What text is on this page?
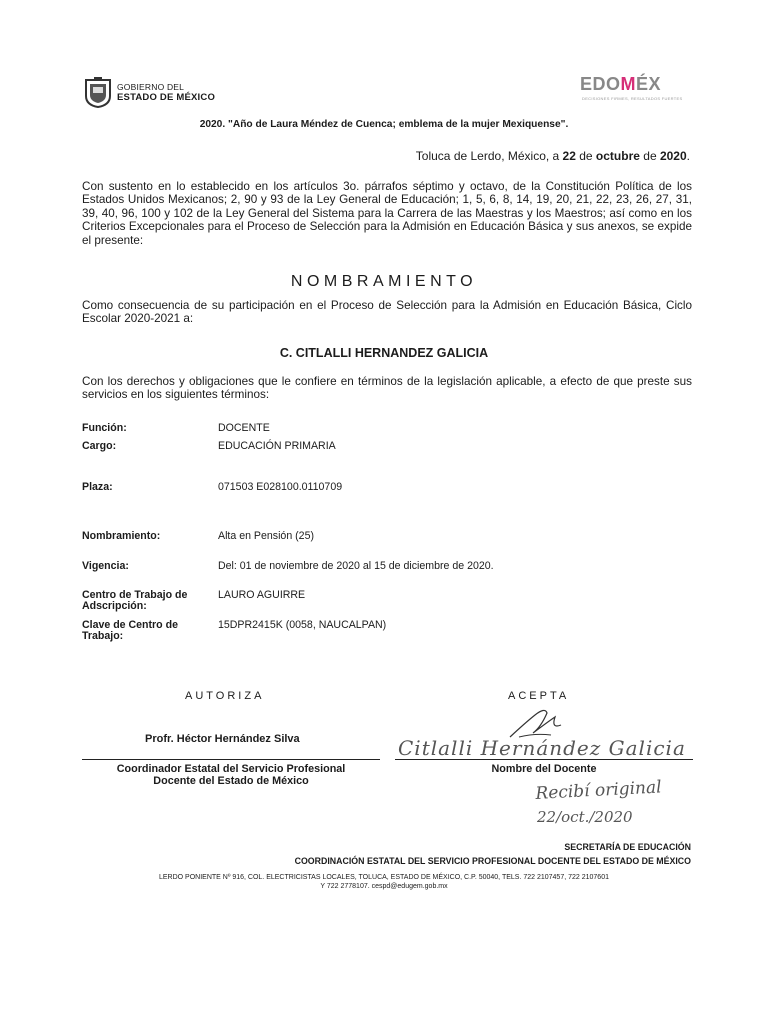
GOBIERNO DEL
ESTADO DE MÉXICO
EDOMÉX
DECISIONES FIRMES, RESULTADOS FUERTES
2020. "Año de Laura Méndez de Cuenca; emblema de la mujer Mexiquense".
Toluca de Lerdo, México, a 22 de octubre de 2020.
Con sustento en lo establecido en los artículos 3o. párrafos séptimo y octavo, de la Constitución Política de los Estados Unidos Mexicanos; 2, 90 y 93 de la Ley General de Educación; 1, 5, 6, 8, 14, 19, 20, 21, 22, 23, 26, 27, 31, 39, 40, 96, 100 y 102 de la Ley General del Sistema para la Carrera de las Maestras y los Maestros; así como en los Criterios Excepcionales para el Proceso de Selección para la Admisión en Educación Básica y sus anexos, se expide el presente:
NOMBRAMIENTO
Como consecuencia de su participación en el Proceso de Selección para la Admisión en Educación Básica, Ciclo Escolar 2020-2021 a:
C. CITLALLI HERNANDEZ GALICIA
Con los derechos y obligaciones que le confiere en términos de la legislación aplicable, a efecto de que preste sus servicios en los siguientes términos:
Función:	DOCENTE
Cargo:	EDUCACIÓN PRIMARIA
Plaza:	071503 E028100.0110709
Nombramiento:	Alta en Pensión (25)
Vigencia:	Del: 01 de noviembre de 2020 al 15 de diciembre de 2020.
Centro de Trabajo de
Adscripción:
LAURO AGUIRRE
Clave de Centro de
Trabajo:
15DPR2415K (0058, NAUCALPAN)
AUTORIZA	ACEPTA
Profr. Héctor Hernández Silva	Citlalli Hernández Galicia
Coordinador Estatal del Servicio Profesional
Docente del Estado de México
Nombre del Docente
Recibí original
22/oct./2020
SECRETARÍA DE EDUCACIÓN
COORDINACIÓN ESTATAL DEL SERVICIO PROFESIONAL DOCENTE DEL ESTADO DE MÉXICO
LERDO PONIENTE Nº 916, COL. ELECTRICISTAS LOCALES, TOLUCA, ESTADO DE MÉXICO, C.P. 50040, TELS. 722 2107457, 722 2107601
Y 722 2778107. cespd@edugem.gob.mx
